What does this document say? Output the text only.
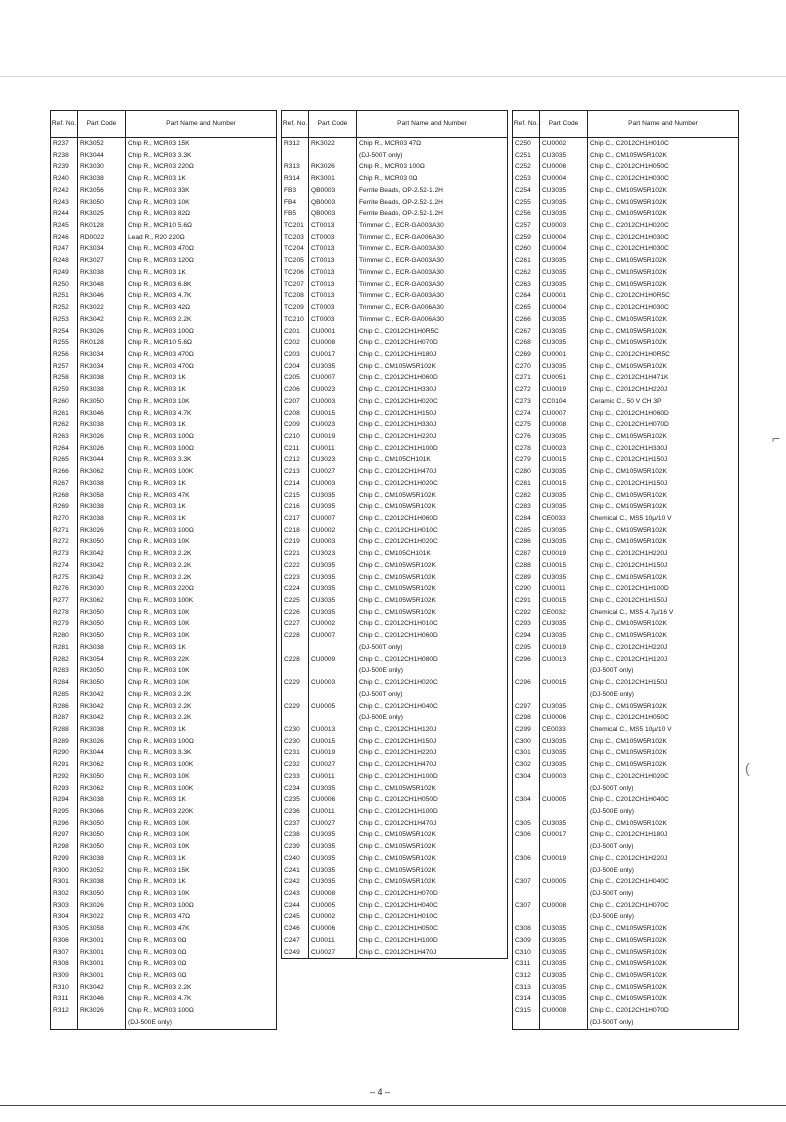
Ref. No.	Part Code	Part Name and Number
R237	RK3052	Chip R., MCR03 15K
R238	RK3044	Chip R., MCR03 3.3K
R239	RK3030	Chip R., MCR03 220Ω
R240	RK3038	Chip R., MCR03 1K
R242	RK3056	Chip R., MCR03 33K
R243	RK3050	Chip R., MCR03 10K
R244	RK3025	Chip R., MCR03 82Ω
R245	RK0128	Chip R., MCR10 5.6Ω
R246	RD0022	Lead R., R20 220Ω
R247	RK3034	Chip R., MCR03 470Ω
R248	RK3027	Chip R., MCR03 120Ω
R249	RK3038	Chip R., MCR03 1K
R250	RK3048	Chip R., MCR03 6.8K
R251	RK3046	Chip R., MCR03 4.7K
R252	RK3022	Chip R., MCR03 42Ω
R253	RK3042	Chip R., MCR03 2.2K
R254	RK3026	Chip R., MCR03 100Ω
R255	RK0128	Chip R., MCR10 5.6Ω
R256	RK3034	Chip R., MCR03 470Ω
R257	RK3034	Chip R., MCR03 470Ω
R258	RK3038	Chip R., MCR03 1K
R259	RK3038	Chip R., MCR03 1K
R260	RK3050	Chip R., MCR03 10K
R261	RK3046	Chip R., MCR03 4.7K
R262	RK3038	Chip R., MCR03 1K
R263	RK3026	Chip R., MCR03 100Ω
R264	RK3026	Chip R., MCR03 100Ω
R265	RK3044	Chip R., MCR03 3.3K
R266	RK3062	Chip R., MCR03 100K
R267	RK3038	Chip R., MCR03 1K
R268	RK3058	Chip R., MCR03 47K
R269	RK3038	Chip R., MCR03 1K
R270	RK3038	Chip R., MCR03 1K
R271	RK3026	Chip R., MCR03 100Ω
R272	RK3050	Chip R., MCR03 10K
R273	RK3042	Chip R., MCR03 2.2K
R274	RK3042	Chip R., MCR03 2.2K
R275	RK3042	Chip R., MCR03 2.2K
R276	RK3030	Chip R., MCR03 220Ω
R277	RK3062	Chip R., MCR03 100K
R278	RK3050	Chip R., MCR03 10K
R279	RK3050	Chip R., MCR03 10K
R280	RK3050	Chip R., MCR03 10K
R281	RK3038	Chip R., MCR03 1K
R282	RK3054	Chip R., MCR03 22K
R283	RK3050	Chip R., MCR03 10K
R284	RK3050	Chip R., MCR03 10K
R285	RK3042	Chip R., MCR03 2.2K
R286	RK3042	Chip R., MCR03 2.2K
R287	RK3042	Chip R., MCR03 2.2K
R288	RK3038	Chip R., MCR03 1K
R289	RK3026	Chip R., MCR03 100Ω
R290	RK3044	Chip R., MCR03 3.3K
R291	RK3062	Chip R., MCR03 100K
R292	RK3050	Chip R., MCR03 10K
R293	RK3062	Chip R., MCR03 100K
R294	RK3038	Chip R., MCR03 1K
R295	RK3066	Chip R., MCR03 220K
R296	RK3050	Chip R., MCR03 10K
R297	RK3050	Chip R., MCR03 10K
R298	RK3050	Chip R., MCR03 10K
R299	RK3038	Chip R., MCR03 1K
R300	RK3052	Chip R., MCR03 15K
R301	RK3038	Chip R., MCR03 1K
R302	RK3050	Chip R., MCR03 10K
R303	RK3026	Chip R., MCR03 100Ω
R304	RK3022	Chip R., MCR03 47Ω
R305	RK3058	Chip R., MCR03 47K
R306	RK3001	Chip R., MCR03 0Ω
R307	RK3001	Chip R., MCR03 0Ω
R308	RK3001	Chip R., MCR03 0Ω
R309	RK3001	Chip R., MCR03 0Ω
R310	RK3042	Chip R., MCR03 2.2K
R311	RK3046	Chip R., MCR03 4.7K
R312	RK3026	Chip R., MCR03 100Ω
		(DJ-500E only)

Ref. No.	Part Code	Part Name and Number
R312	RK3022	Chip R., MCR03 47Ω
		(DJ-500T only)
R313	RK3026	Chip R., MCR03 100Ω
R314	RK3001	Chip R., MCR03 0Ω

FB3	QB0003	Ferrite Beads, OP-2.52-1.2H
FB4	QB0003	Ferrite Beads, OP-2.52-1.2H
FB5	QB0003	Ferrite Beads, OP-2.52-1.2H

TC201	CT0013	Trimmer C., ECR-GA003A30
TC203	CT0003	Trimmer C., ECR-GA006A30
TC204	CT0013	Trimmer C., ECR-GA003A30
TC205	CT0013	Trimmer C., ECR-GA003A30
TC206	CT0013	Trimmer C., ECR-GA003A30
TC207	CT0013	Trimmer C., ECR-GA003A30
TC208	CT0013	Trimmer C., ECR-GA003A30
TC209	CT0003	Trimmer C., ECR-GA006A30
TC210	CT0003	Trimmer C., ECR-GA006A30

C201	CU0001	Chip C., C2012CH1H0R5C
C202	CU0008	Chip C., C2012CH1H070D
C203	CU0017	Chip C., C2012CH1H180J
C204	CU3035	Chip C., CM105W5R102K
C205	CU0007	Chip C., C2012CH1H060D
C206	CU0023	Chip C., C2012CH1H330J
C207	CU0003	Chip C., C2012CH1H020C
C208	CU0015	Chip C., C2012CH1H150J
C209	CU0023	Chip C., C2012CH1H330J
C210	CU0019	Chip C., C2012CH1H220J
C211	CU0011	Chip C., C2012CH1H100D
C212	CU3023	Chip C., CM105CH101K
C213	CU0027	Chip C., C2012CH1H470J
C214	CU0003	Chip C., C2012CH1H020C
C215	CU3035	Chip C., CM105W5R102K
C216	CU3035	Chip C., CM105W5R102K
C217	CU0007	Chip C., C2012CH1H060D
C218	CU0002	Chip C., C2012CH1H010C
C219	CU0003	Chip C., C2012CH1H020C
C221	CU3023	Chip C., CM105CH101K
C222	CU3035	Chip C., CM105W5R102K
C223	CU3035	Chip C., CM105W5R102K
C224	CU3035	Chip C., CM105W5R102K
C225	CU3035	Chip C., CM105W5R102K
C226	CU3035	Chip C., CM105W5R102K
C227	CU0002	Chip C., C2012CH1H010C
C228	CU0007	Chip C., C2012CH1H060D
		(DJ-500T only)
C228	CU0009	Chip C., C2012CH1H080D
		(DJ-500E only)
C229	CU0003	Chip C., C2012CH1H020C
		(DJ-500T only)
C229	CU0005	Chip C., C2012CH1H040C
		(DJ-500E only)
C230	CU0013	Chip C., C2012CH1H120J
C230	CU0015	Chip C., C2012CH1H150J
C231	CU0019	Chip C., C2012CH1H220J
C232	CU0027	Chip C., C2012CH1H470J
C233	CU0011	Chip C., C2012CH1H100D
C234	CU3035	Chip C., CM105W5R102K
C235	CU0006	Chip C., C2012CH1H050D
C236	CU0011	Chip C., C2012CH1H100D
C237	CU0027	Chip C., C2012CH1H470J
C238	CU3035	Chip C., CM105W5R102K
C239	CU3035	Chip C., CM105W5R102K
C240	CU3035	Chip C., CM105W5R102K
C241	CU3035	Chip C., CM105W5R102K
C242	CU3035	Chip C., CM105W5R102K
C243	CU0008	Chip C., C2012CH1H070D
C244	CU0005	Chip C., C2012CH1H040C
C245	CU0002	Chip C., C2012CH1H010C
C246	CU0006	Chip C., C2012CH1H050C
C247	CU0011	Chip C., C2012CH1H100D
C249	CU0027	Chip C., C2012CH1H470J
Ref. No.	Part Code	Part Name and Number
C250	CU0002	Chip C., C2012CH1H010C
C251	CU3035	Chip C., CM105W5R102K
C252	CU0006	Chip C., C2012CH1H050C
C253	CU0004	Chip C., C2012CH1H030C
C254	CU3035	Chip C., CM105W5R102K
C255	CU3035	Chip C., CM105W5R102K
C256	CU3035	Chip C., CM105W5R102K
C257	CU0003	Chip C., C2012CH1H020C
C259	CU0004	Chip C., C2012CH1H030C
C260	CU0004	Chip C., C2012CH1H030C
C261	CU3035	Chip C., CM105W5R102K
C262	CU3035	Chip C., CM105W5R102K
C263	CU3035	Chip C., CM105W5R102K
C264	CU0001	Chip C., C2012CH1H0R5C
C265	CU0004	Chip C., C2012CH1H030C
C266	CU3035	Chip C., CM105W5R102K
C267	CU3035	Chip C., CM105W5R102K
C268	CU3035	Chip C., CM105W5R102K
C269	CU0001	Chip C., C2012CH1H0R5C
C270	CU3035	Chip C., CM105W5R102K
C271	CU0051	Chip C., C2012CH1H471K
C272	CU0019	Chip C., C2012CH1H220J
C273	CC0104	Ceramic C., 50 V CH 3P
C274	CU0007	Chip C., C2012CH1H060D
C275	CU0008	Chip C., C2012CH1H070D
C276	CU3035	Chip C., CM105W5R102K
C278	CU0023	Chip C., C2012CH1H330J
C279	CU0015	Chip C., C2012CH1H150J
C280	CU3035	Chip C., CM105W5R102K
C281	CU0015	Chip C., C2012CH1H150J
C282	CU3035	Chip C., CM105W5R102K
C283	CU3035	Chip C., CM105W5R102K
C284	CE0033	Chemical C., MS5 10μ/10 V
C285	CU3035	Chip C., CM105W5R102K
C286	CU3035	Chip C., CM105W5R102K
C287	CU0019	Chip C., C2012CH1H220J
C288	CU0015	Chip C., C2012CH1H150J
C289	CU3035	Chip C., CM105W5R102K
C290	CU0011	Chip C., C2012CH1H100D
C291	CU0015	Chip C., C2012CH1H150J
C292	CE0032	Chemical C., MS5 4.7μ/16 V
C293	CU3035	Chip C., CM105W5R102K
C294	CU3035	Chip C., CM105W5R102K
C295	CU0019	Chip C., C2012CH1H220J
C296	CU0013	Chip C., C2012CH1H120J
		(DJ-500T only)
C296	CU0015	Chip C., C2012CH1H150J
		(DJ-500E only)
C297	CU3035	Chip C., CM105W5R102K
C298	CU0006	Chip C., C2012CH1H050C
C299	CE0033	Chemical C., MS5 10μ/10 V
C300	CU3035	Chip C., CM105W5R102K
C301	CU3035	Chip C., CM105W5R102K
C302	CU3035	Chip C., CM105W5R102K
C304	CU0003	Chip C., C2012CH1H020C
		(DJ-500T only)
C304	CU0005	Chip C., C2012CH1H040C
		(DJ-500E only)
C305	CU3035	Chip C., CM105W5R102K
C306	CU0017	Chip C., C2012CH1H180J
		(DJ-500T only)
C306	CU0019	Chip C., C2012CH1H220J
		(DJ-500E only)
C307	CU0005	Chip C., C2012CH1H040C
		(DJ-500T only)
C307	CU0008	Chip C., C2012CH1H070C
		(DJ-500E only)
C308	CU3035	Chip C., CM105W5R102K
C309	CU3035	Chip C., CM105W5R102K
C310	CU3035	Chip C., CM105W5R102K
C311	CU3035	Chip C., CM105W5R102K
C312	CU3035	Chip C., CM105W5R102K
C313	CU3035	Chip C., CM105W5R102K
C314	CU3035	Chip C., CM105W5R102K
C315	CU0008	Chip C., C2012CH1H070D
		(DJ-500T only)

– 4 –
⌐
(
